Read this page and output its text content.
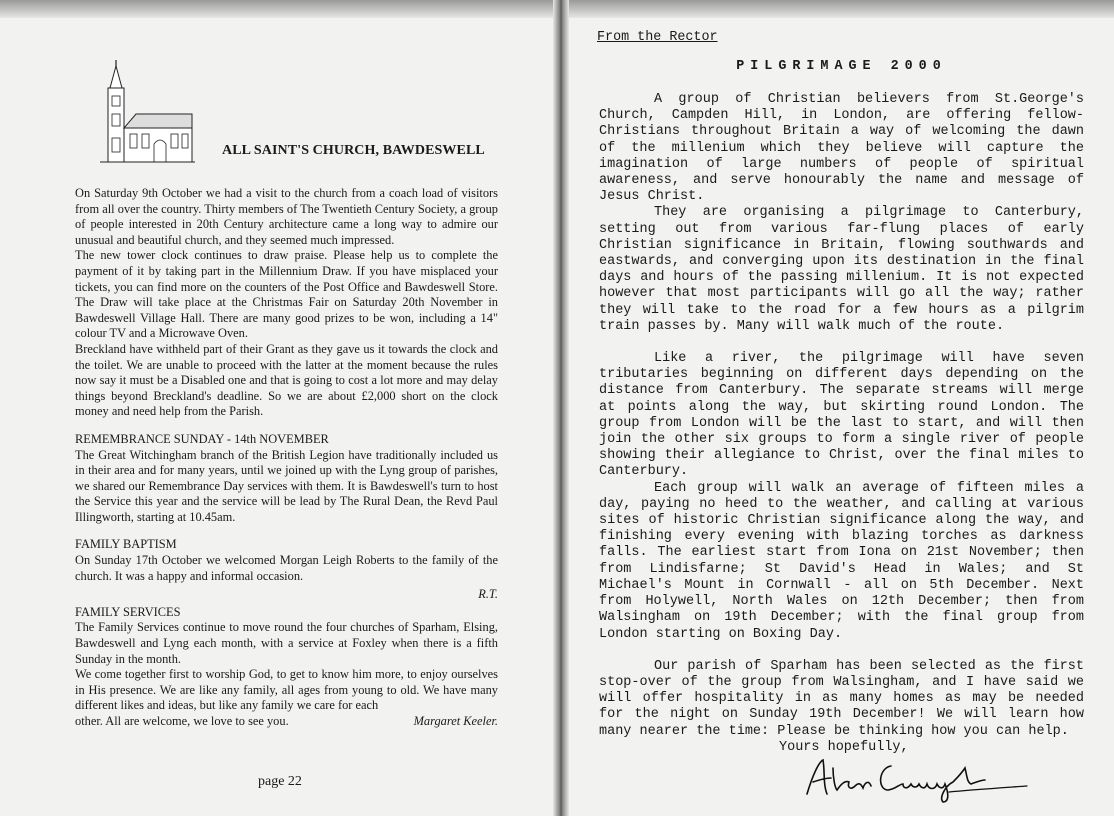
ALL SAINT'S CHURCH, BAWDESWELL

On Saturday 9th October we had a visit to the church from a coach load of visitors from all over the country. Thirty members of The Twentieth Century Society, a group of people interested in 20th Century architecture came a long way to admire our unusual and beautiful church, and they seemed much impressed.

The new tower clock continues to draw praise. Please help us to complete the payment of it by taking part in the Millennium Draw. If you have misplaced your tickets, you can find more on the counters of the Post Office and Bawdeswell Store. The Draw will take place at the Christmas Fair on Saturday 20th November in Bawdeswell Village Hall. There are many good prizes to be won, including a 14" colour TV and a Microwave Oven.

Breckland have withheld part of their Grant as they gave us it towards the clock and the toilet. We are unable to proceed with the latter at the moment because the rules now say it must be a Disabled one and that is going to cost a lot more and may delay things beyond Breckland's deadline. So we are about £2,000 short on the clock money and need help from the Parish.

REMEMBRANCE SUNDAY - 14th NOVEMBER

The Great Witchingham branch of the British Legion have traditionally included us in their area and for many years, until we joined up with the Lyng group of parishes, we shared our Remembrance Day services with them. It is Bawdeswell's turn to host the Service this year and the service will be lead by The Rural Dean, the Revd Paul Illingworth, starting at 10.45am.

FAMILY BAPTISM

On Sunday 17th October we welcomed Morgan Leigh Roberts to the family of the church. It was a happy and informal occasion.

R.T.

FAMILY SERVICES

The Family Services continue to move round the four churches of Sparham, Elsing, Bawdeswell and Lyng each month, with a service at Foxley when there is a fifth Sunday in the month.

We come together first to worship God, to get to know him more, to enjoy ourselves in His presence. We are like any family, all ages from young to old. We have many different likes and ideas, but like any family we care for each

other. All are welcome, we love to see you.	Margaret Keeler.
page 22
From the Rector
PILGRIMAGE 2000

A group of Christian believers from St.George's Church, Campden Hill, in London, are offering fellow-Christians throughout Britain a way of welcoming the dawn of the millenium which they believe will capture the imagination of large numbers of people of spiritual awareness, and serve honourably the name and message of Jesus Christ.

They are organising a pilgrimage to Canterbury, setting out from various far-flung places of early Christian significance in Britain, flowing southwards and eastwards, and converging upon its destination in the final days and hours of the passing millenium. It is not expected however that most participants will go all the way; rather they will take to the road for a few hours as a pilgrim train passes by. Many will walk much of the route.

Like a river, the pilgrimage will have seven tributaries beginning on different days depending on the distance from Canterbury. The separate streams will merge at points along the way, but skirting round London. The group from London will be the last to start, and will then join the other six groups to form a single river of people showing their allegiance to Christ, over the final miles to Canterbury.

Each group will walk an average of fifteen miles a day, paying no heed to the weather, and calling at various sites of historic Christian significance along the way, and finishing every evening with blazing torches as darkness falls. The earliest start from Iona on 21st November; then from Lindisfarne; St David's Head in Wales; and St Michael's Mount in Cornwall - all on 5th December. Next from Holywell, North Wales on 12th December; then from Walsingham on 19th December; with the final group from London starting on Boxing Day.

Our parish of Sparham has been selected as the first stop-over of the group from Walsingham, and I have said we will offer hospitality in as many homes as may be needed for the night on Sunday 19th December! We will learn how many nearer the time: Please be thinking how you can help.

Yours hopefully,
